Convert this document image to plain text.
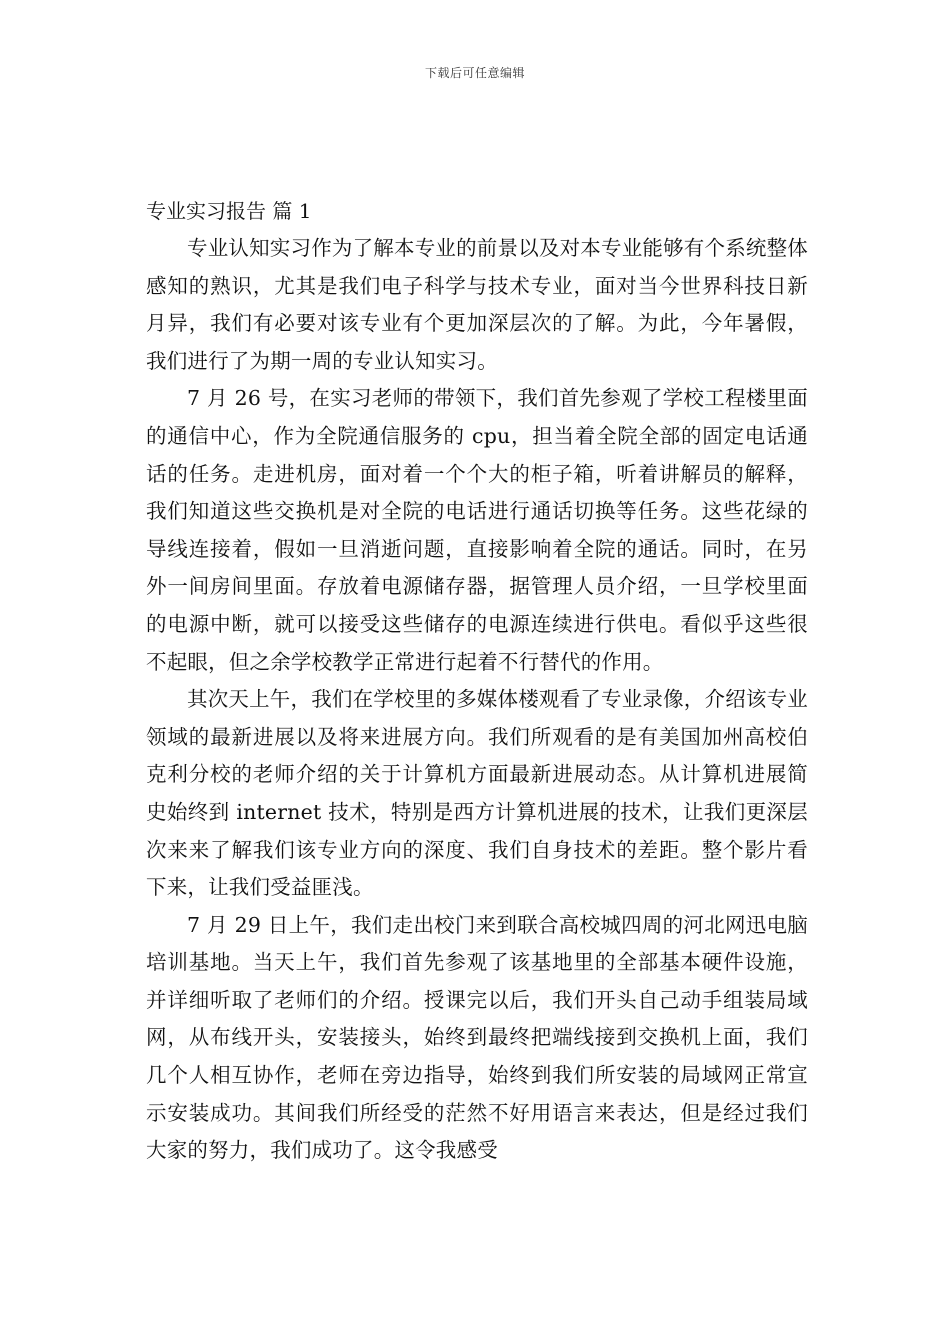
下载后可任意编辑
专业实习报告 篇 1

专业认知实习作为了解本专业的前景以及对本专业能够有个系统整体感知的熟识，尤其是我们电子科学与技术专业，面对当今世界科技日新月异，我们有必要对该专业有个更加深层次的了解。为此，今年暑假，我们进行了为期一周的专业认知实习。

7 月 26 号，在实习老师的带领下，我们首先参观了学校工程楼里面的通信中心，作为全院通信服务的 cpu，担当着全院全部的固定电话通话的任务。走进机房，面对着一个个大的柜子箱，听着讲解员的解释，我们知道这些交换机是对全院的电话进行通话切换等任务。这些花绿的导线连接着，假如一旦消逝问题，直接影响着全院的通话。同时，在另外一间房间里面。存放着电源储存器，据管理人员介绍，一旦学校里面的电源中断，就可以接受这些储存的电源连续进行供电。看似乎这些很不起眼，但之余学校教学正常进行起着不行替代的作用。

其次天上午，我们在学校里的多媒体楼观看了专业录像，介绍该专业领域的最新进展以及将来进展方向。我们所观看的是有美国加州高校伯克利分校的老师介绍的关于计算机方面最新进展动态。从计算机进展简史始终到 internet 技术，特别是西方计算机进展的技术，让我们更深层次来来了解我们该专业方向的深度、我们自身技术的差距。整个影片看下来，让我们受益匪浅。

7 月 29 日上午，我们走出校门来到联合高校城四周的河北网迅电脑培训基地。当天上午，我们首先参观了该基地里的全部基本硬件设施，并详细听取了老师们的介绍。授课完以后，我们开头自己动手组装局域网，从布线开头，安装接头，始终到最终把端线接到交换机上面，我们几个人相互协作，老师在旁边指导，始终到我们所安装的局域网正常宣示安装成功。其间我们所经受的茫然不好用语言来表达，但是经过我们大家的努力，我们成功了。这令我感受
